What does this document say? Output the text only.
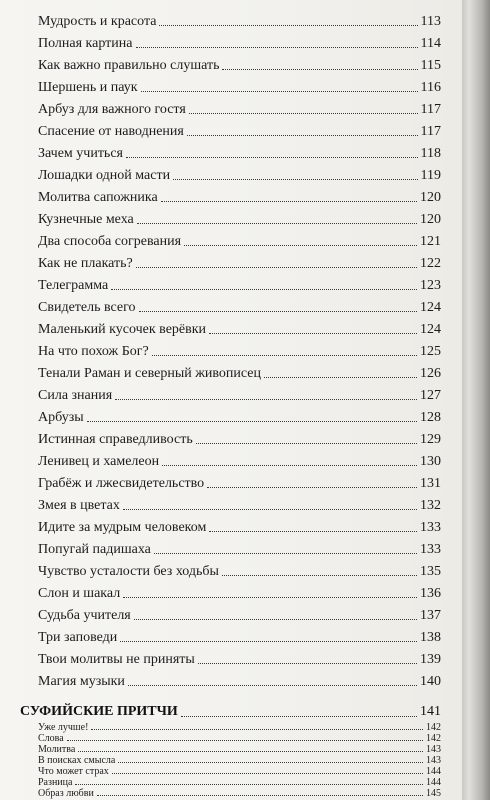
Мудрость и красота	113
Полная картина	114
Как важно правильно слушать	115
Шершень и паук	116
Арбуз для важного гостя	117
Спасение от наводнения	117
Зачем учиться	118
Лошадки одной масти	119
Молитва сапожника	120
Кузнечные меха	120
Два способа согревания	121
Как не плакать?	122
Телеграмма	123
Свидетель всего	124
Маленький кусочек верёвки	124
На что похож Бог?	125
Тенали Раман и северный живописец	126
Сила знания	127
Арбузы	128
Истинная справедливость	129
Ленивец и хамелеон	130
Грабёж и лжесвидетельство	131
Змея в цветах	132
Идите за мудрым человеком	133
Попугай падишаха	133
Чувство усталости без ходьбы	135
Слон и шакал	136
Судьба учителя	137
Три заповеди	138
Твои молитвы не приняты	139
Магия музыки	140
СУФИЙСКИЕ ПРИТЧИ	141
Уже лучше!	142
Слова	142
Молитва	143
В поисках смысла	143
Что может страх	144
Разница	144
Образ любви	145
